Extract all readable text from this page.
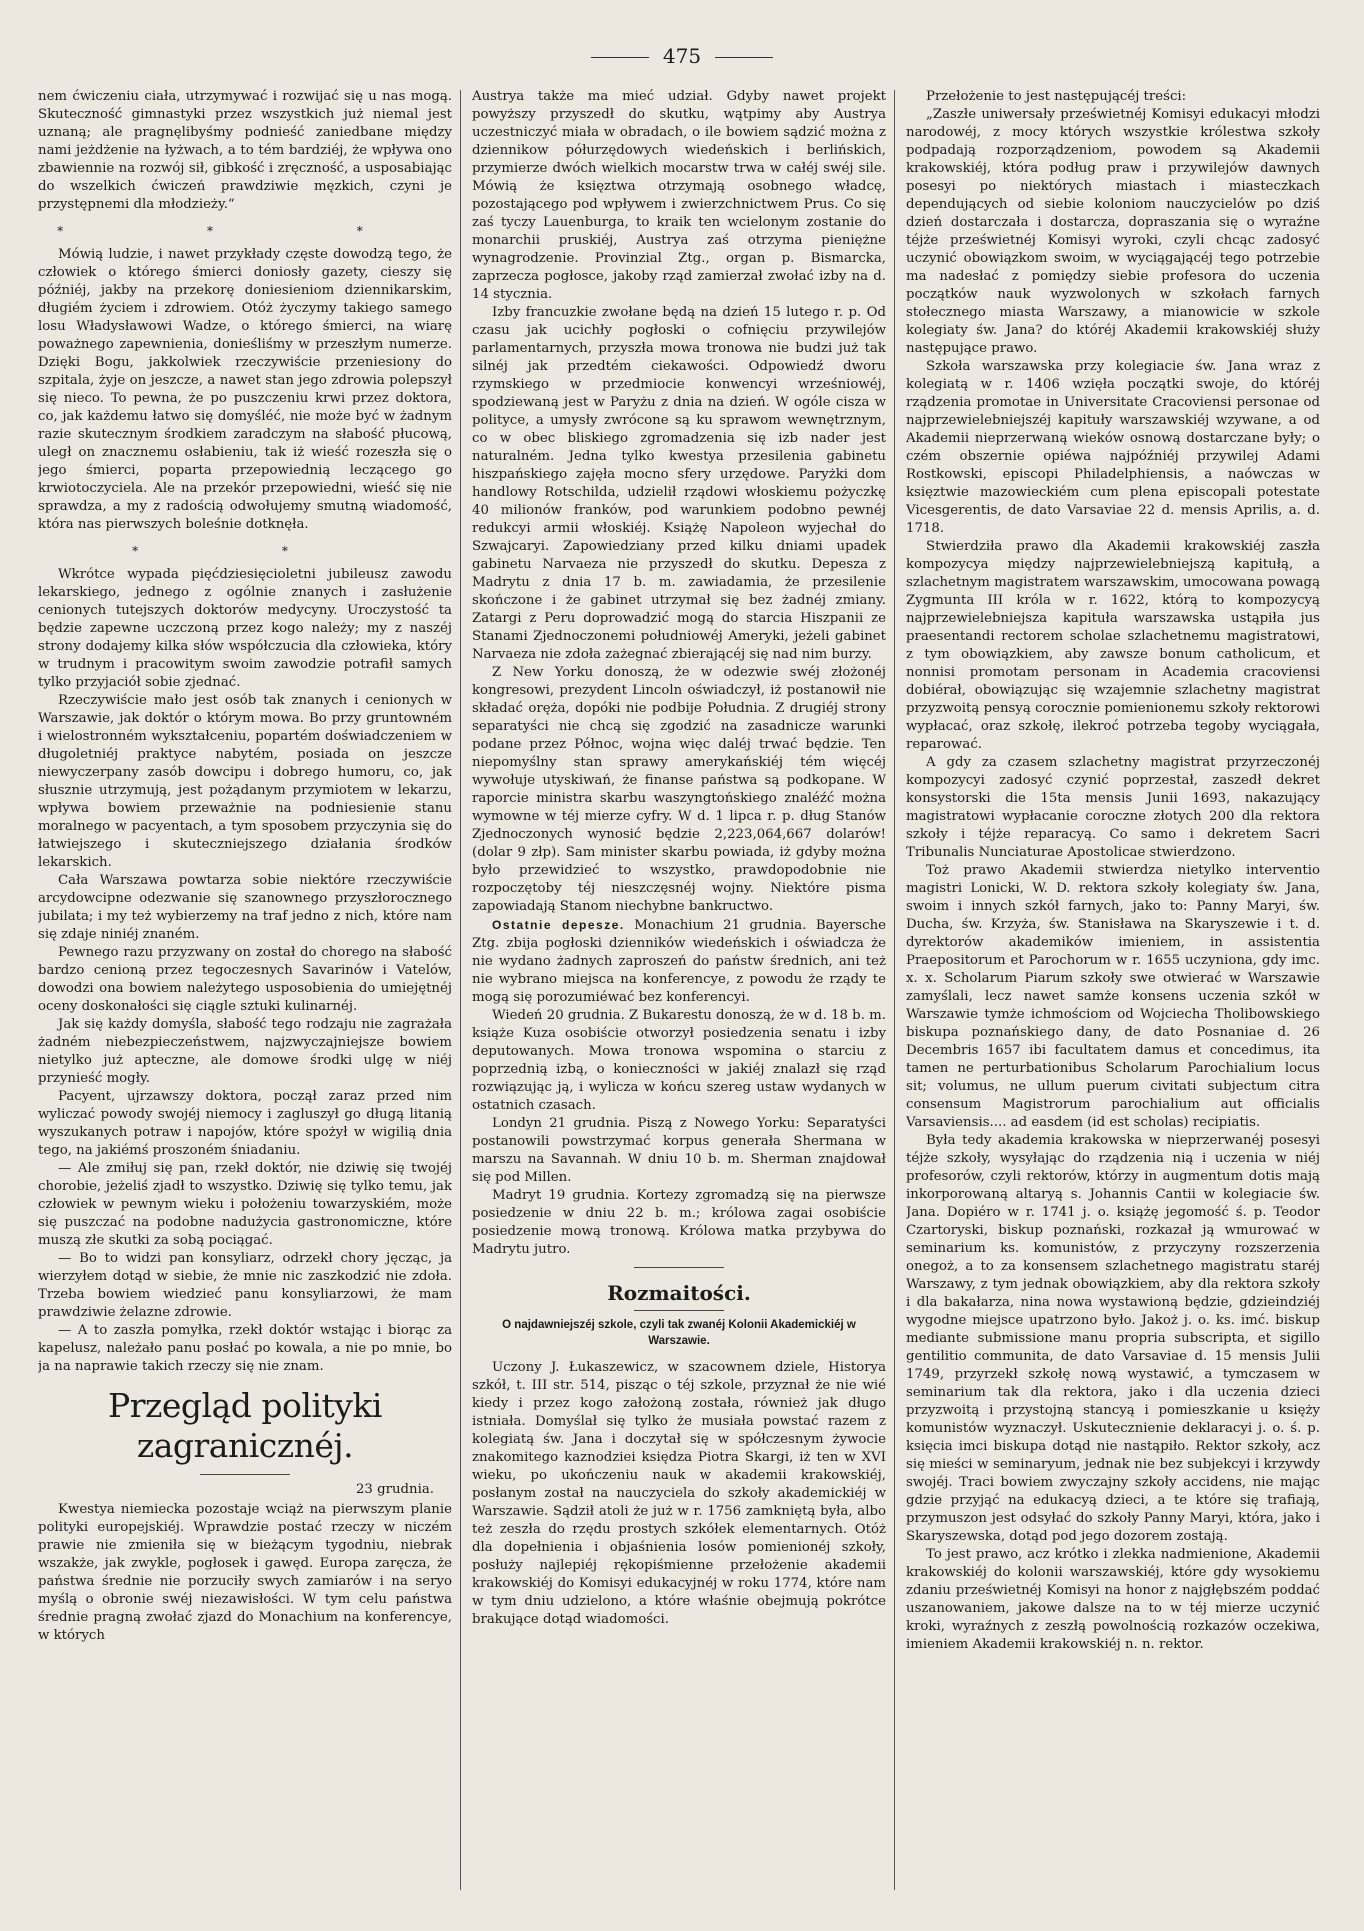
475

nem ćwiczeniu ciała, utrzymywać i rozwijać się u nas mogą. Skuteczność gimnastyki przez wszystkich już niemal jest uznaną; ale pragnęlibyśmy podnieść zaniedbane między nami jeżdżenie na łyżwach, a to tém bardziéj, że wpływa ono zbawiennie na rozwój sił, gibkość i zręczność, a usposabiając do wszelkich ćwiczeń prawdziwie męzkich, czyni je przystępnemi dla młodzieży.“

* * *

Mówią ludzie, i nawet przykłady częste dowodzą tego, że człowiek o którego śmierci doniosły gazety, cieszy się późniéj, jakby na przekorę doniesieniom dziennikarskim, długiém życiem i zdrowiem. Otóż życzymy takiego samego losu Władysławowi Wadze, o którego śmierci, na wiarę poważnego zapewnienia, donieśliśmy w przeszłym numerze. Dzięki Bogu, jakkolwiek rzeczywiście przeniesiony do szpitala, żyje on jeszcze, a nawet stan jego zdrowia polepszył się nieco. To pewna, że po puszczeniu krwi przez doktora, co, jak każdemu łatwo się domyśléć, nie może być w żadnym razie skutecznym środkiem zaradczym na słabość płucową, uległ on znacznemu osłabieniu, tak iż wieść rozeszła się o jego śmierci, poparta przepowiednią leczącego go krwiotoczyciela. Ale na przekór przepowiedni, wieść się nie sprawdza, a my z radością odwołujemy smutną wiadomość, która nas pierwszych boleśnie dotknęła.

* *

Wkrótce wypada pięćdziesięcioletni jubileusz zawodu lekarskiego, jednego z ogólnie znanych i zasłużenie cenionych tutejszych doktorów medycyny. Uroczystość ta będzie zapewne uczczoną przez kogo należy; my z naszéj strony dodajemy kilka słów współczucia dla człowieka, który w trudnym i pracowitym swoim zawodzie potrafił samych tylko przyjaciół sobie zjednać.

Rzeczywiście mało jest osób tak znanych i cenionych w Warszawie, jak doktór o którym mowa. Bo przy gruntowném i wielostronném wykształceniu, popartém doświadczeniem w długoletniéj praktyce nabytém, posiada on jeszcze niewyczerpany zasób dowcipu i dobrego humoru, co, jak słusznie utrzymują, jest pożądanym przymiotem w lekarzu, wpływa bowiem przeważnie na podniesienie stanu moralnego w pacyentach, a tym sposobem przyczynia się do łatwiejszego i skuteczniejszego działania środków lekarskich.

Cała Warszawa powtarza sobie niektóre rzeczywiście arcydowcipne odezwanie się szanownego przyszłorocznego jubilata; i my też wybierzemy na traf jedno z nich, które nam się zdaje niniéj znaném.

Pewnego razu przyzwany on został do chorego na słabość bardzo cenioną przez tegoczesnych Savarinów i Vatelów, dowodzi ona bowiem należytego usposobienia do umiejętnéj oceny doskonałości się ciągle sztuki kulinarnéj.

Jak się każdy domyśla, słabość tego rodzaju nie zagrażała żadném niebezpieczeństwem, najzwyczajniejsze bowiem nietylko już apteczne, ale domowe środki ulgę w niéj przynieść mogły.

Pacyent, ujrzawszy doktora, począł zaraz przed nim wyliczać powody swojéj niemocy i zagluszył go długą litanią wyszukanych potraw i napojów, które spożył w wigilią dnia tego, na jakiémś proszoném śniadaniu.

— Ale zmiłuj się pan, rzekł doktór, nie dziwię się twojéj chorobie, jeżeliś zjadł to wszystko. Dziwię się tylko temu, jak człowiek w pewnym wieku i położeniu towarzyskiém, może się puszczać na podobne nadużycia gastronomiczne, które muszą złe skutki za sobą pociągać.

— Bo to widzi pan konsyliarz, odrzekł chory jęcząc, ja wierzyłem dotąd w siebie, że mnie nic zaszkodzić nie zdoła. Trzeba bowiem wiedzieć panu konsyliarzowi, że mam prawdziwie żelazne zdrowie.

— A to zaszła pomyłka, rzekł doktór wstając i biorąc za kapelusz, należało panu posłać po kowala, a nie po mnie, bo ja na naprawie takich rzeczy się nie znam.

Przegląd polityki zagranicznéj.
23 grudnia.

Kwestya niemiecka pozostaje wciąż na pierwszym planie polityki europejskiéj. Wprawdzie postać rzeczy w niczém prawie nie zmieniła się w bieżącym tygodniu, niebrak wszakże, jak zwykle, pogłosek i gawęd. Europa zaręcza, że państwa średnie nie porzuciły swych zamiarów i na seryo myślą o obronie swéj niezawisłości. W tym celu państwa średnie pragną zwołać zjazd do Monachium na konferencye, w których

Austrya także ma mieć udział. Gdyby nawet projekt powyższy przyszedł do skutku, wątpimy aby Austrya uczestniczyć miała w obradach, o ile bowiem sądzić można z dziennikow półurzędowych wiedeńskich i berlińskich, przymierze dwóch wielkich mocarstw trwa w całéj swéj sile. Mówią że księztwa otrzymają osobnego władcę, pozostającego pod wpływem i zwierzchnictwem Prus. Co się zaś tyczy Lauenburga, to kraik ten wcielonym zostanie do monarchii pruskiéj, Austrya zaś otrzyma pieniężne wynagrodzenie. Provinzial Ztg., organ p. Bismarcka, zaprzecza pogłosce, jakoby rząd zamierzał zwołać izby na d. 14 stycznia.

Izby francuzkie zwołane będą na dzień 15 lutego r. p. Od czasu jak ucichły pogłoski o cofnięciu przywilejów parlamentarnych, przyszła mowa tronowa nie budzi już tak silnéj jak przedtém ciekawości. Odpowiedź dworu rzymskiego w przedmiocie konwencyi wrześniowéj, spodziewaną jest w Paryżu z dnia na dzień. W ogóle cisza w polityce, a umysły zwrócone są ku sprawom wewnętrznym, co w obec bliskiego zgromadzenia się izb nader jest naturalném. Jedna tylko kwestya przesilenia gabinetu hiszpańskiego zajęła mocno sfery urzędowe. Paryżki dom handlowy Rotschilda, udzielił rządowi włoskiemu pożyczkę 40 milionów franków, pod warunkiem podobno pewnéj redukcyi armii włoskiéj. Książę Napoleon wyjechał do Szwajcaryi. Zapowiedziany przed kilku dniami upadek gabinetu Narvaeza nie przyszedł do skutku. Depesza z Madrytu z dnia 17 b. m. zawiadamia, że przesilenie skończone i że gabinet utrzymał się bez żadnéj zmiany. Zatargi z Peru doprowadzić mogą do starcia Hiszpanii ze Stanami Zjednoczonemi południowéj Ameryki, jeżeli gabinet Narvaeza nie zdoła zażegnać zbierającéj się nad nim burzy.

Z New Yorku donoszą, że w odezwie swéj złożonéj kongresowi, prezydent Lincoln oświadczył, iż postanowił nie składać oręża, dopóki nie podbije Południa. Z drugiéj strony separatyści nie chcą się zgodzić na zasadnicze warunki podane przez Północ, wojna więc daléj trwać będzie. Ten niepomyślny stan sprawy amerykańskiéj tém więcéj wywołuje utyskiwań, że finanse państwa są podkopane. W raporcie ministra skarbu waszyngtońskiego znaléźć można wymowne w téj mierze cyfry. W d. 1 lipca r. p. dług Stanów Zjednoczonych wynosić będzie 2,223,064,667 dolarów! (dolar 9 złp). Sam minister skarbu powiada, iż gdyby można było przewidzieć to wszystko, prawdopodobnie nie rozpoczętoby téj nieszczęsnéj wojny. Niektóre pisma zapowiadają Stanom niechybne bankructwo.

Ostatnie depesze. Monachium 21 grudnia. Bayersche Ztg. zbija pogłoski dzienników wiedeńskich i oświadcza że nie wydano żadnych zaproszeń do państw średnich, ani też nie wybrano miejsca na konferencye, z powodu że rządy te mogą się porozumiéwać bez konferencyi.

Wiedeń 20 grudnia. Z Bukarestu donoszą, że w d. 18 b. m. książe Kuza osobiście otworzył posiedzenia senatu i izby deputowanych. Mowa tronowa wspomina o starciu z poprzednią izbą, o konieczności w jakiéj znalazł się rząd rozwiązując ją, i wylicza w końcu szereg ustaw wydanych w ostatnich czasach.

Londyn 21 grudnia. Piszą z Nowego Yorku: Separatyści postanowili powstrzymać korpus generała Shermana w marszu na Savannah. W dniu 10 b. m. Sherman znajdował się pod Millen.

Madryt 19 grudnia. Kortezy zgromadzą się na pierwsze posiedzenie w dniu 22 b. m.; królowa zagai osobiście posiedzenie mową tronową. Królowa matka przybywa do Madrytu jutro.

Rozmaitości.
O najdawniejszéj szkole, czyli tak zwanéj Kolonii Akademickiéj w Warszawie.

Uczony J. Łukaszewicz, w szacownem dziele, Historya szkół, t. III str. 514, pisząc o téj szkole, przyznał że nie wié kiedy i przez kogo założoną została, również jak długo istniała. Domyślał się tylko że musiała powstać razem z kolegiatą św. Jana i doczytał się w spółczesnym żywocie znakomitego kaznodziei księdza Piotra Skargi, iż ten w XVI wieku, po ukończeniu nauk w akademii krakowskiéj, posłanym został na nauczyciela do szkoły akademickiéj w Warszawie. Sądził atoli że już w r. 1756 zamkniętą była, albo też zeszła do rzędu prostych szkółek elementarnych. Otóż dla dopełnienia i objaśnienia losów pomienionéj szkoły, posłuży najlepiéj rękopiśmienne przełożenie akademii krakowskiéj do Komisyi edukacyjnéj w roku 1774, które nam w tym dniu udzielono, a które właśnie obejmują pokrótce brakujące dotąd wiadomości.

Przełożenie to jest następującéj treści:

„Zaszłe uniwersały prześwietnéj Komisyi edukacyi młodzi narodowéj, z mocy których wszystkie królestwa szkoły podpadają rozporządzeniom, powodem są Akademii krakowskiéj, która podług praw i przywilejów dawnych posesyi po niektórych miastach i miasteczkach dependujących od siebie koloniom nauczycielów po dziś dzień dostarczała i dostarcza, dopraszania się o wyraźne téjże prześwietnéj Komisyi wyroki, czyli chcąc zadosyć uczynić obowiązkom swoim, w wyciągającéj tego potrzebie ma nadesłać z pomiędzy siebie profesora do uczenia początków nauk wyzwolonych w szkołach farnych stołecznego miasta Warszawy, a mianowicie w szkole kolegiaty św. Jana? do któréj Akademii krakowskiéj służy następujące prawo.

Szkoła warszawska przy kolegiacie św. Jana wraz z kolegiatą w r. 1406 wzięła początki swoje, do któréj rządzenia promotae in Universitate Cracoviensi personae od najprzewielebniejszéj kapituły warszawskiéj wzywane, a od Akademii nieprzerwaną wieków osnową dostarczane były; o czém obszernie opiéwa najpóźniéj przywilej Adami Rostkowski, episcopi Philadelphiensis, a naówczas w księztwie mazowieckiém cum plena episcopali potestate Vicesgerentis, de dato Varsaviae 22 d. mensis Aprilis, a. d. 1718.

Stwierdziła prawo dla Akademii krakowskiéj zaszła kompozycya między najprzewielebniejszą kapitułą, a szlachetnym magistratem warszawskim, umocowana powagą Zygmunta III króla w r. 1622, którą to kompozycyą najprzewielebniejsza kapituła warszawska ustąpiła jus praesentandi rectorem scholae szlachetnemu magistratowi, z tym obowiązkiem, aby zawsze bonum catholicum, et nonnisi promotam personam in Academia cracoviensi dobiérał, obowiązując się wzajemnie szlachetny magistrat przyzwoitą pensyą corocznie pomienionemu szkoły rektorowi wypłacać, oraz szkołę, ilekroć potrzeba tegoby wyciągała, reparować.

A gdy za czasem szlachetny magistrat przyrzeczonéj kompozycyi zadosyć czynić poprzestał, zaszedł dekret konsystorski die 15ta mensis Junii 1693, nakazujący magistratowi wypłacanie coroczne złotych 200 dla rektora szkoły i téjże reparacyą. Co samo i dekretem Sacri Tribunalis Nunciaturae Apostolicae stwierdzono.

Toż prawo Akademii stwierdza nietylko interventio magistri Lonicki, W. D. rektora szkoły kolegiaty św. Jana, swoim i innych szkół farnych, jako to: Panny Maryi, św. Ducha, św. Krzyża, św. Stanisława na Skaryszewie i t. d. dyrektorów akademików imieniem, in assistentia Praepositorum et Parochorum w r. 1655 uczyniona, gdy imc. x. x. Scholarum Piarum szkoły swe otwierać w Warszawie zamyślali, lecz nawet samże konsens uczenia szkół w Warszawie tymże ichmościom od Wojciecha Tholibowskiego biskupa poznańskiego dany, de dato Posnaniae d. 26 Decembris 1657 ibi facultatem damus et concedimus, ita tamen ne perturbationibus Scholarum Parochialium locus sit; volumus, ne ullum puerum civitati subjectum citra consensum Magistrorum parochialium aut officialis Varsaviensis.... ad easdem (id est scholas) recipiatis.

Była tedy akademia krakowska w nieprzerwanéj posesyi téjże szkoły, wysyłając do rządzenia nią i uczenia w niéj profesorów, czyli rektorów, którzy in augmentum dotis mają inkorporowaną altaryą s. Johannis Cantii w kolegiacie św. Jana. Dopiéro w r. 1741 j. o. książę jegomość ś. p. Teodor Czartoryski, biskup poznański, rozkazał ją wmurować w seminarium ks. komunistów, z przyczyny rozszerzenia onegoż, a to za konsensem szlachetnego magistratu staréj Warszawy, z tym jednak obowiązkiem, aby dla rektora szkoły i dla bakałarza, nina nowa wystawioną będzie, gdzieindziéj wygodne miejsce upatrzono było. Jakoż j. o. ks. imć. biskup mediante submissione manu propria subscripta, et sigillo gentilitio communita, de dato Varsaviae d. 15 mensis Julii 1749, przyrzekł szkołę nową wystawić, a tymczasem w seminarium tak dla rektora, jako i dla uczenia dzieci przyzwoitą i przystojną stancyą i pomieszkanie u księży komunistów wyznaczył. Uskutecznienie deklaracyi j. o. ś. p. księcia imci biskupa dotąd nie nastąpiło. Rektor szkoły, acz się mieści w seminaryum, jednak nie bez subjekcyi i krzywdy swojéj. Traci bowiem zwyczajny szkoły accidens, nie mając gdzie przyjąć na edukacyą dzieci, a te które się trafiają, przymuszon jest odsyłać do szkoły Panny Maryi, która, jako i Skaryszewska, dotąd pod jego dozorem zostają.

To jest prawo, acz krótko i zlekka nadmienione, Akademii krakowskiéj do kolonii warszawskiéj, które gdy wysokiemu zdaniu prześwietnéj Komisyi na honor z najgłębszém poddać uszanowaniem, jakowe dalsze na to w téj mierze uczynić kroki, wyraźnych z zeszłą powolnością rozkazów oczekiwa, imieniem Akademii krakowskiéj n. n. rektor.
